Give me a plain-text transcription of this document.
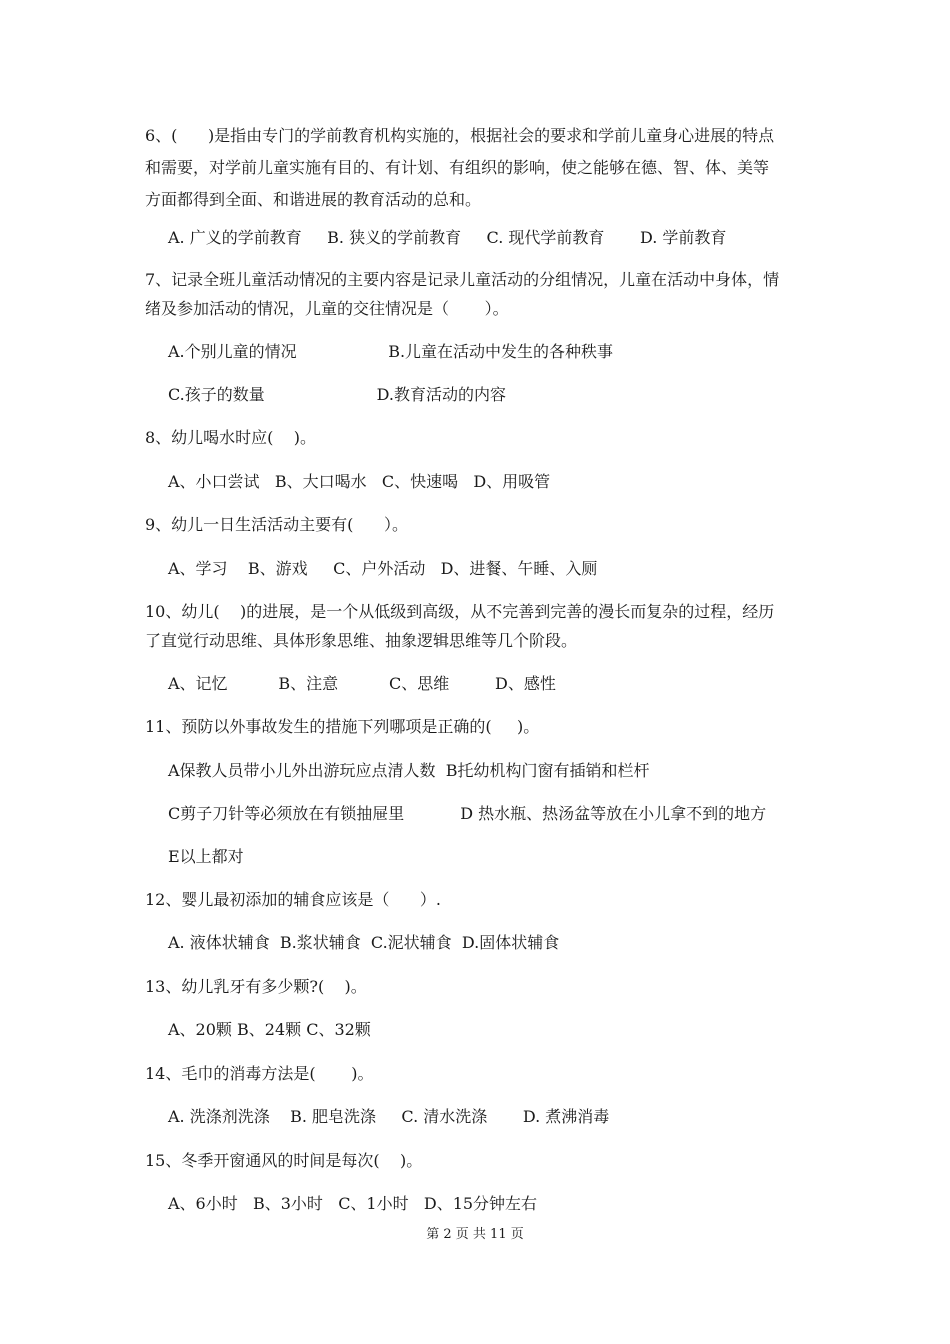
6、(      )是指由专门的学前教育机构实施的，根据社会的要求和学前儿童身心进展的特点
和需要，对学前儿童实施有目的、有计划、有组织的影响，使之能够在德、智、体、美等
方面都得到全面、和谐进展的教育活动的总和。
A. 广义的学前教育     B. 狭义的学前教育     C. 现代学前教育       D. 学前教育
7、记录全班儿童活动情况的主要内容是记录儿童活动的分组情况，儿童在活动中身体，情
绪及参加活动的情况，儿童的交往情况是（       ）。
A.个别儿童的情况                  B.儿童在活动中发生的各种秩事
C.孩子的数量                      D.教育活动的内容
8、幼儿喝水时应(    )。
A、小口尝试   B、大口喝水   C、快速喝   D、用吸管
9、幼儿一日生活活动主要有(      ）。
A、学习    B、游戏     C、户外活动   D、进餐、午睡、入厕
10、幼儿(    )的进展，是一个从低级到高级，从不完善到完善的漫长而复杂的过程，经历
了直觉行动思维、具体形象思维、抽象逻辑思维等几个阶段。
A、记忆          B、注意          C、思维         D、感性
11、预防以外事故发生的措施下列哪项是正确的(     )。
A保教人员带小儿外出游玩应点清人数  B托幼机构门窗有插销和栏杆
C剪子刀针等必须放在有锁抽屉里           D 热水瓶、热汤盆等放在小儿拿不到的地方
E以上都对
12、婴儿最初添加的辅食应该是（      ）.
A. 液体状辅食  B.浆状辅食  C.泥状辅食  D.固体状辅食
13、幼儿乳牙有多少颗?(    )。
A、20颗 B、24颗 C、32颗
14、毛巾的消毒方法是(       )。
A. 洗涤剂洗涤    B. 肥皂洗涤     C. 清水洗涤       D. 煮沸消毒
15、冬季开窗通风的时间是每次(    )。
A、6小时   B、3小时   C、1小时   D、15分钟左右
第 2 页 共 11 页
